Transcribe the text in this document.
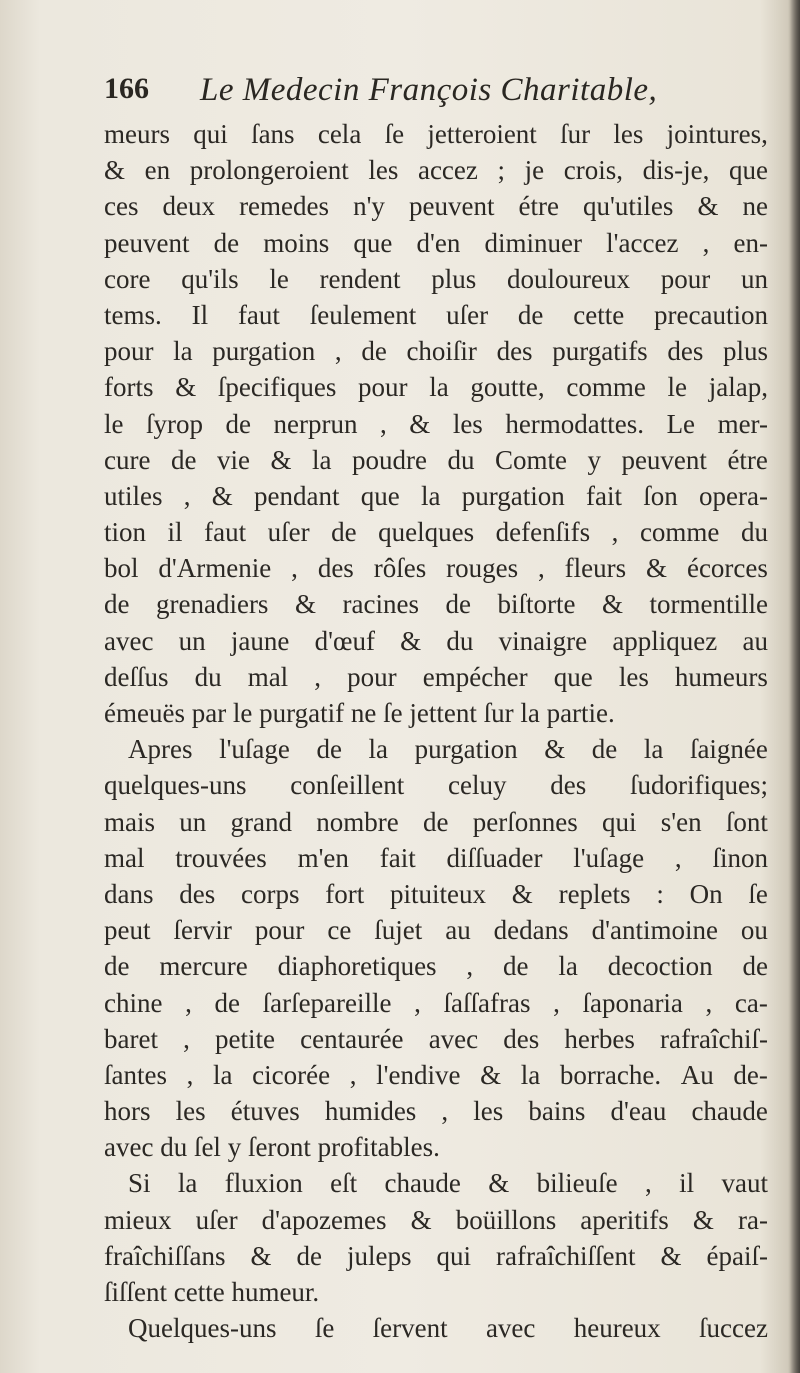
166 Le Medecin François Charitable,
meurs qui ſans cela ſe jetteroient ſur les jointures,
& en prolongeroient les accez ; je crois, dis-je, que
ces deux remedes n'y peuvent étre qu'utiles & ne
peuvent de moins que d'en diminuer l'accez , en-
core qu'ils le rendent plus douloureux pour un
tems. Il faut ſeulement uſer de cette precaution
pour la purgation , de choiſir des purgatifs des plus
forts & ſpecifiques pour la goutte, comme le jalap,
le ſyrop de nerprun , & les hermodattes. Le mer-
cure de vie & la poudre du Comte y peuvent étre
utiles , & pendant que la purgation fait ſon opera-
tion il faut uſer de quelques defenſifs , comme du
bol d'Armenie , des rôſes rouges , fleurs & écorces
de grenadiers & racines de biſtorte & tormentille
avec un jaune d'œuf & du vinaigre appliquez au
deſſus du mal , pour empécher que les humeurs
émeuës par le purgatif ne ſe jettent ſur la partie.
Apres l'uſage de la purgation & de la ſaignée
quelques-uns conſeillent celuy des ſudorifiques;
mais un grand nombre de perſonnes qui s'en ſont
mal trouvées m'en fait diſſuader l'uſage , ſinon
dans des corps fort pituiteux & replets : On ſe
peut ſervir pour ce ſujet au dedans d'antimoine ou
de mercure diaphoretiques , de la decoction de
chine , de ſarſepareille , ſaſſafras , ſaponaria , ca-
baret , petite centaurée avec des herbes rafraîchiſ-
ſantes , la cicorée , l'endive & la borrache. Au de-
hors les étuves humides , les bains d'eau chaude
avec du ſel y ſeront profitables.
Si la fluxion eſt chaude & bilieuſe , il vaut
mieux uſer d'apozemes & boüillons aperitifs & ra-
fraîchiſſans & de juleps qui rafraîchiſſent & épaiſ-
ſiſſent cette humeur.
Quelques-uns ſe ſervent avec heureux ſuccez
